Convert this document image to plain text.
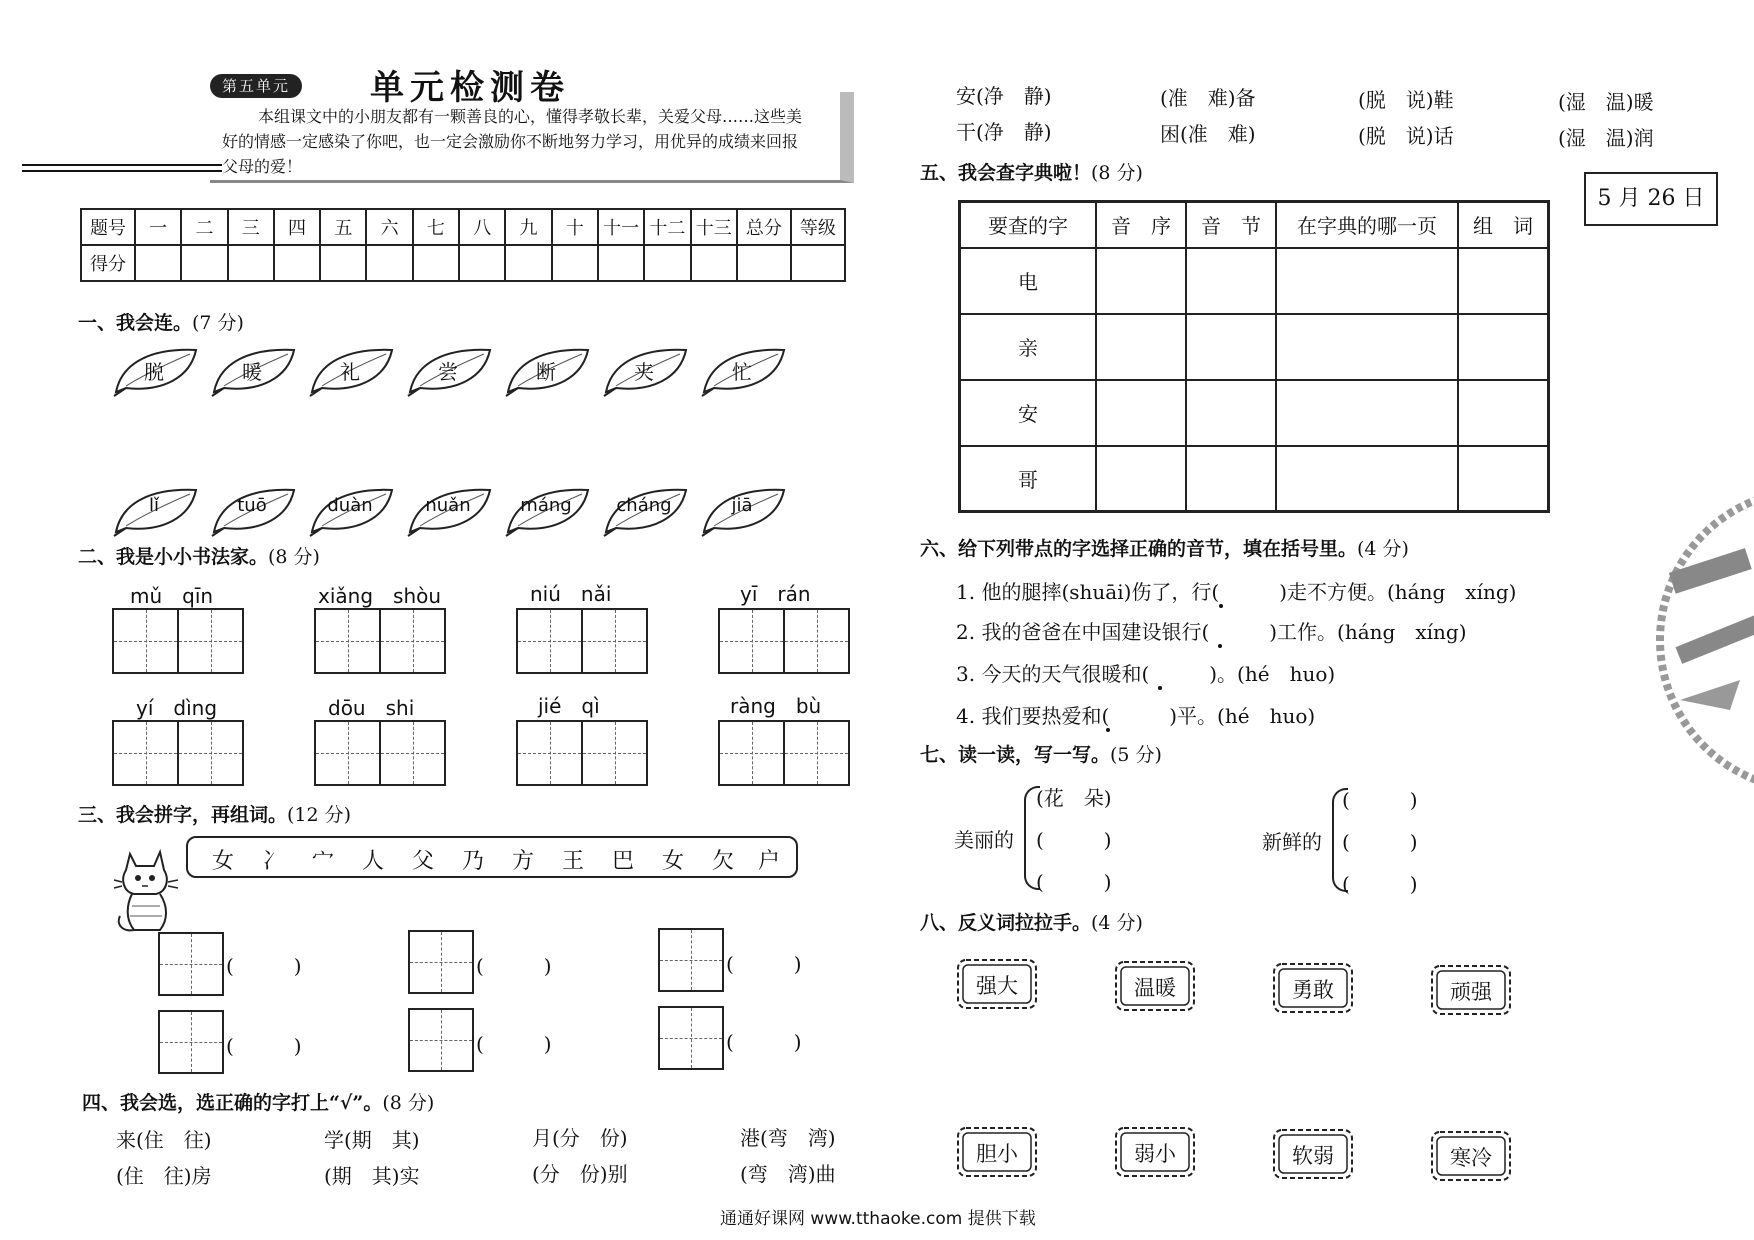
第五单元	单元检测卷
本组课文中的小朋友都有一颗善良的心，懂得孝敬长辈，关爱父母……这些美好的情感一定感染了你吧，也一定会激励你不断地努力学习，用优异的成绩来回报父母的爱！
题号	一	二	三	四	五	六	七	八	九	十	十一	十二	十三	总分	等级
得分															
一、我会连。(7 分)
脱	暖	礼	尝	断	夹	忙
lǐ	tuō	duàn	nuǎn	máng	cháng	jiā
二、我是小小书法家。(8 分)
mǔ　qīn	xiǎng　shòu	niú　nǎi	yī　rán
yí　dìng	dōu　shi	jié　qì	ràng　bù
三、我会拼字，再组词。(12 分)
女 冫 宀 人 父 乃 方 王 巴 女 欠 户
(　　　)	(　　　)	(　　　)
(　　　)	(　　　)	(　　　)
四、我会选，选正确的字打上“√”。(8 分)
来(住　往)	学(期　其)	月(分　份)	港(弯　湾)
(住　往)房	(期　其)实	(分　份)别	(弯　湾)曲
安(净　静)	(准　难)备	(脱　说)鞋	(湿　温)暖
干(净　静)	困(准　难)	(脱　说)话	(湿　温)润
5 月 26 日
五、我会查字典啦！(8 分)
要查的字	音　序	音　节	在字典的哪一页	组　词
电				
亲				
安				
哥				
六、给下列带点的字选择正确的音节，填在括号里。(4 分)
1. 他的腿摔(shuāi)伤了，行(　　　)走不方便。(háng　xíng)
2. 我的爸爸在中国建设银行(　　　)工作。(háng　xíng)
3. 今天的天气很暖和(　　　)。(hé　huo)
4. 我们要热爱和(　　　)平。(hé　huo)
七、读一读，写一写。(5 分)
美丽的
(花　朵)
(　　　)
(　　　)
新鲜的
(　　　)
(　　　)
(　　　)
八、反义词拉拉手。(4 分)
强大	温暖	勇敢	顽强
胆小	弱小	软弱	寒冷
通通好课网 www.tthaoke.com 提供下载
